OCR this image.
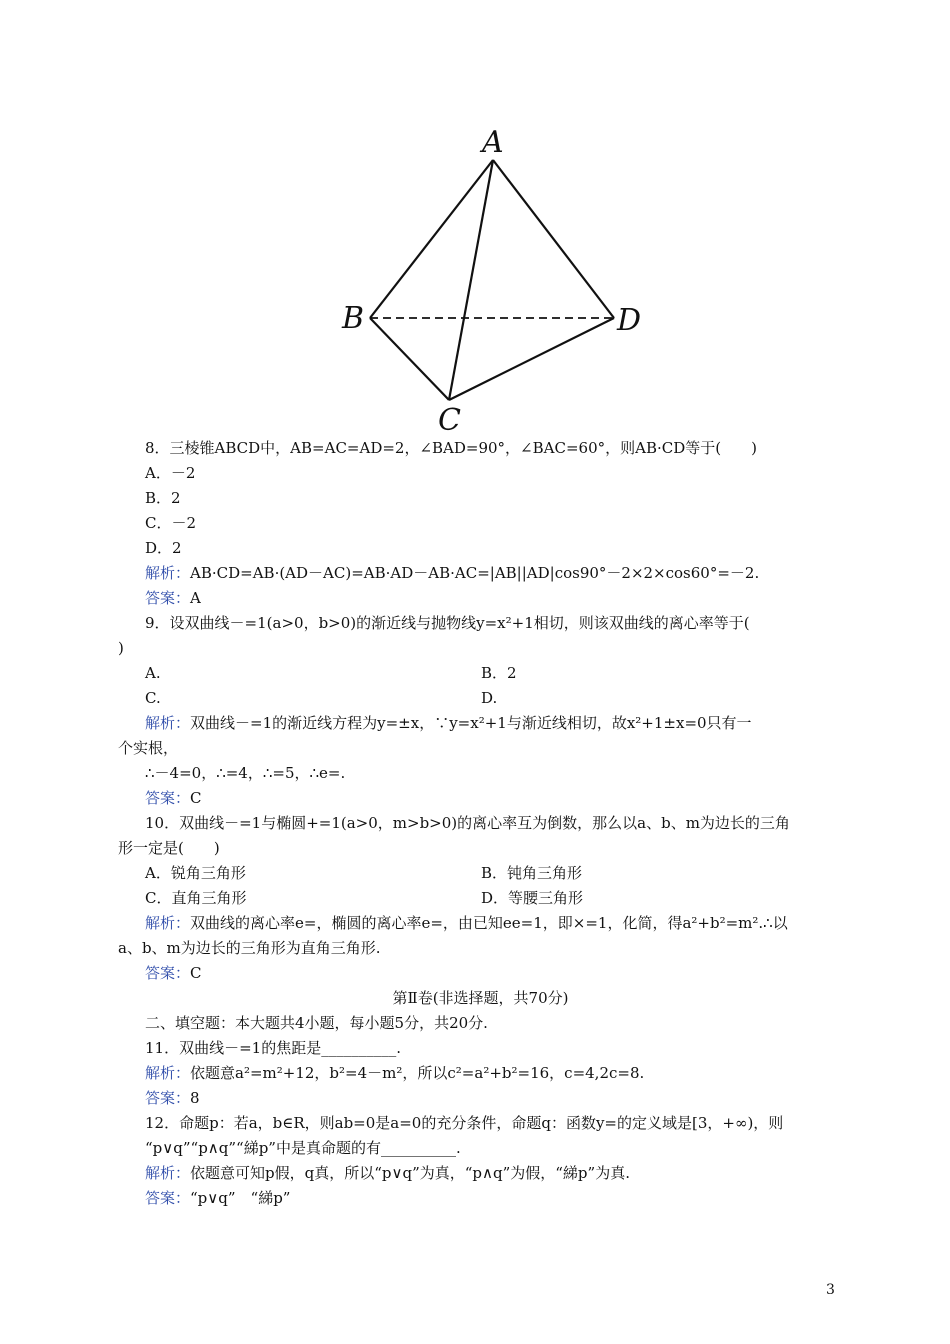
A
B
C
D
8．三棱锥ABCD中，AB=AC=AD=2，∠BAD=90°，∠BAC=60°，则AB·CD等于(　　)
A．－2
B．2
C．－2
D．2
解析：AB·CD=AB·(AD－AC)=AB·AD－AB·AC=|AB||AD|cos90°－2×2×cos60°=－2.
答案：A
9．设双曲线－=1(a>0，b>0)的渐近线与抛物线y=x²+1相切，则该双曲线的离心率等于(
)
A.	B．2
C.	D.
解析：双曲线－=1的渐近线方程为y=±x，∵y=x²+1与渐近线相切，故x²+1±x=0只有一
个实根，
∴－4=0，∴=4，∴=5，∴e=.
答案：C
10．双曲线－=1与椭圆+=1(a>0，m>b>0)的离心率互为倒数，那么以a、b、m为边长的三角
形一定是(　　)
A．锐角三角形	B．钝角三角形
C．直角三角形	D．等腰三角形
解析：双曲线的离心率e=，椭圆的离心率e=，由已知ee=1，即×=1，化简，得a²+b²=m².∴以
a、b、m为边长的三角形为直角三角形.
答案：C
第Ⅱ卷(非选择题，共70分)
二、填空题：本大题共4小题，每小题5分，共20分.
11．双曲线－=1的焦距是__________.
解析：依题意a²=m²+12，b²=4－m²，所以c²=a²+b²=16，c=4,2c=8.
答案：8
12．命题p：若a，b∈R，则ab=0是a=0的充分条件，命题q：函数y=的定义域是[3，+∞)，则
“p∨q”“p∧q”“綈p”中是真命题的有__________.
解析：依题意可知p假，q真，所以“p∨q”为真，“p∧q”为假，“綈p”为真.
答案：“p∨q”　“綈p”
3
